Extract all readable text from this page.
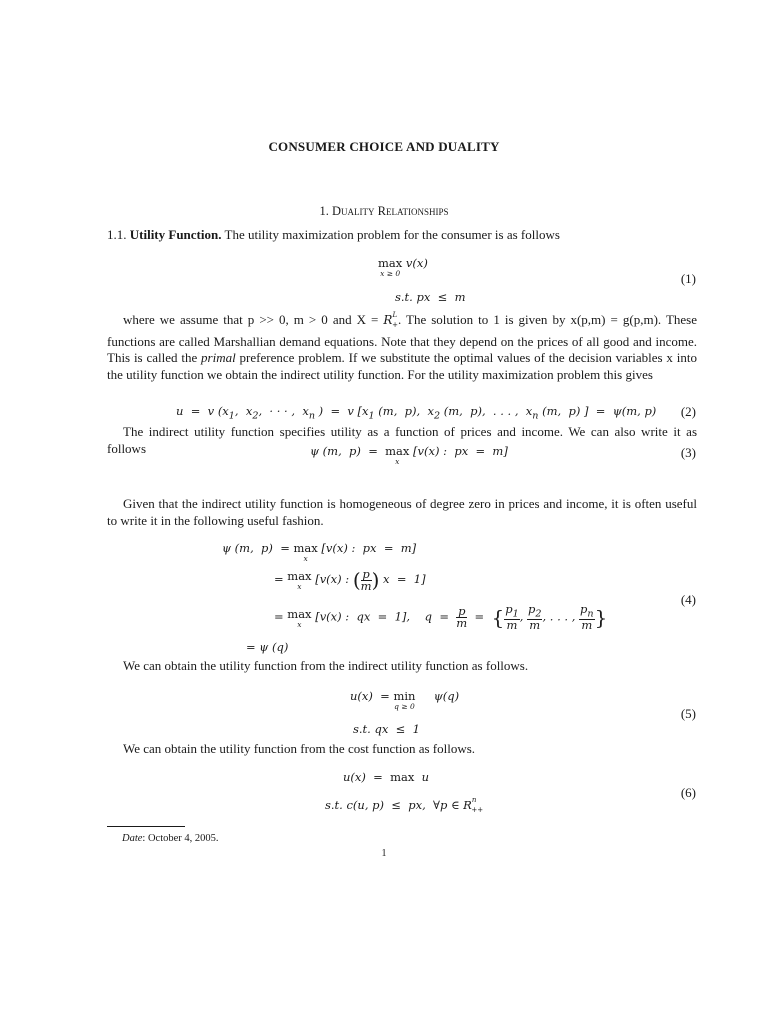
CONSUMER CHOICE AND DUALITY
1. Duality Relationships
1.1. Utility Function. The utility maximization problem for the consumer is as follows
max
x ≥ 0
v(x)
s.t. px  ≤  m
(1)
where we assume that p >> 0, m > 0 and $X = R^L_+$. The solution to 1 is given by x(p,m) = g(p,m). These functions are called Marshallian demand equations. Note that they depend on the prices of all good and income. This is called the primal preference problem. If we substitute the optimal values of the decision variables x into the utility function we obtain the indirect utility function. For the utility maximization problem this gives
u  =  v ($x_1$,  $x_2$,  · · · ,  $x_n$ )  =  v [$x_1$ (m,  p),  $x_2$ (m,  p),  . . . ,  $x_n$ (m,  p) ]  =  ψ(m, p) (2)
The indirect utility function specifies utility as a function of prices and income. We can also write it as follows	ψ (m,  p)  =  max
x
[v(x) :  px  =  m]	(3)
Given that the indirect utility function is homogeneous of degree zero in prices and income, it is often useful to write it in the following useful fashion.
ψ (m,  p)  = max
x
[v(x) :  px  =  m]
= max
x
[v(x) : ( $\frac{p}{m}$ ) x  =  1]
= max
x
[v(x) :  qx  =  1],    $q = \frac{p}{m}$ =  { $\frac{p_1}{m}$ , $\frac{p_2}{m}$ , . . . , $\frac{p_n}{m}$ }
= ψ (q)
(4)
We can obtain the utility function from the indirect utility function as follows.
u(x)  = min
q ≥ 0
ψ(q)
s.t. qx  ≤  1
(5)
We can obtain the utility function from the cost function as follows.
u(x)  =  max  u
s.t. c(u, p)  ≤  px,  ∀p ∈ $R^n_{++}$
(6)
Date: October 4, 2005.
1
